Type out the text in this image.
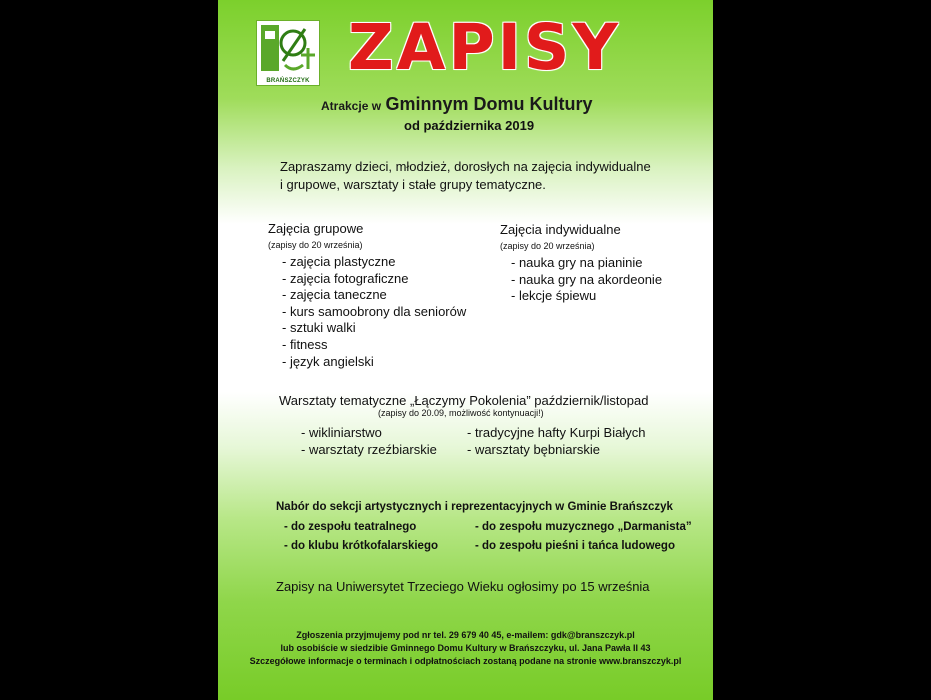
BRAŃSZCZYK ZAPISY
Atrakcje w Gminnym Domu Kultury
od października 2019
Zapraszamy dzieci, młodzież, dorosłych na zajęcia indywidualne
i grupowe, warsztaty i stałe grupy tematyczne.
Zajęcia grupowe
(zapisy do 20 września)
- zajęcia plastyczne
- zajęcia fotograficzne
- zajęcia taneczne
- kurs samoobrony dla seniorów
- sztuki walki
- fitness
- język angielski
Zajęcia indywidualne
(zapisy do 20 września)
- nauka gry na pianinie
- nauka gry na akordeonie
- lekcje śpiewu
Warsztaty tematyczne „Łączymy Pokolenia” październik/listopad
(zapisy do 20.09, możliwość kontynuacji!)
- wikliniarstwo
- warsztaty rzeźbiarskie
- tradycyjne hafty Kurpi Białych
- warsztaty bębniarskie
Nabór do sekcji artystycznych i reprezentacyjnych w Gminie Brańszczyk
- do zespołu teatralnego
- do klubu krótkofalarskiego
- do zespołu muzycznego „Darmanista”
- do zespołu pieśni i tańca ludowego
Zapisy na Uniwersytet Trzeciego Wieku ogłosimy po 15 września
Zgłoszenia przyjmujemy pod nr tel. 29 679 40 45, e-mailem: gdk@branszczyk.pl
lub osobiście w siedzibie Gminnego Domu Kultury w Brańszczyku, ul. Jana Pawła II 43
Szczegółowe informacje o terminach i odpłatnościach zostaną podane na stronie www.branszczyk.pl
